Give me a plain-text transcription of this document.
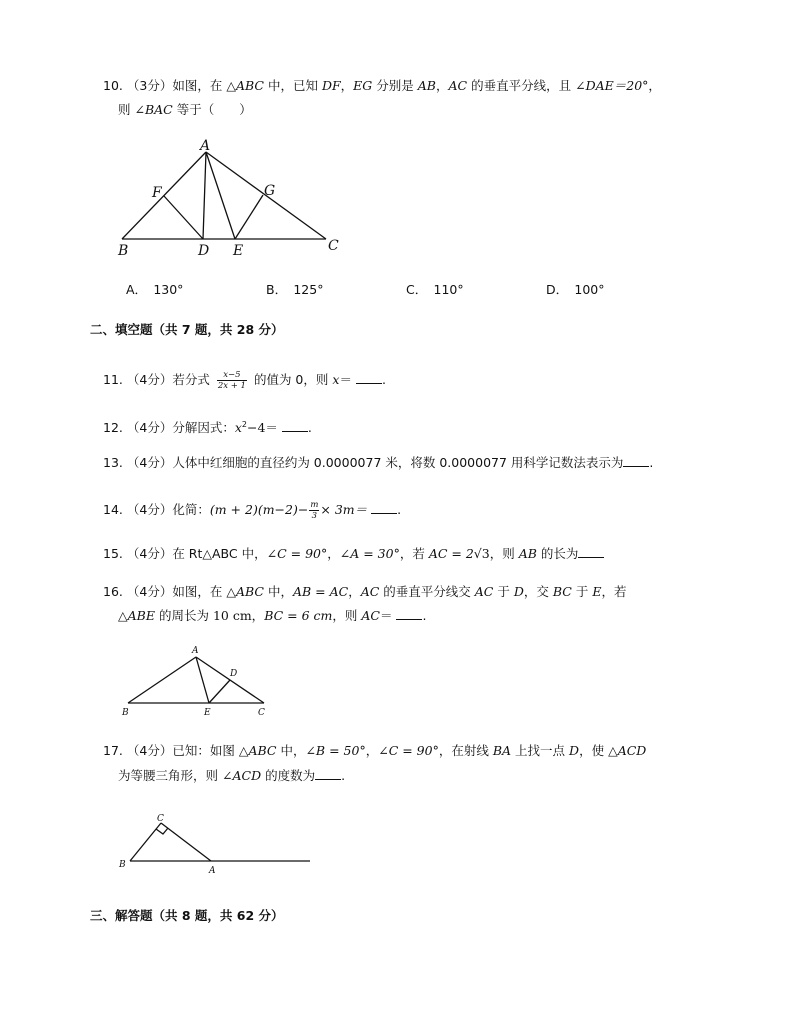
10. （3分）如图，在 △ABC 中，已知 DF，EG 分别是 AB，AC 的垂直平分线，且 ∠DAE＝20°，
则 ∠BAC 等于（　　）
A
B	C
D E
F	G
A．　 130°	B．　 125°	C．　 110°	D．　 100°
二、填空题（共 7 题，共 28 分）
11. （4分）若分式 $\frac{x-5}{2x + 1}$ 的值为 0，则 x＝ .
12. （4分）分解因式：$x^2-4=$ .
13. （4分）人体中红细胞的直径约为 0.0000077 米，将数 0.0000077 用科学记数法表示为 .
14. （4分）化简：$(m + 2)(m-2)- \frac{m}{3} \times 3m=$ .
15. （4分）在 Rt△ABC 中，∠C = 90°，∠A = 30°，若 AC = 2√3，则 AB 的长为
16. （4分）如图，在 △ABC 中，AB = AC，AC 的垂直平分线交 AC 于 D，交 BC 于 E，若
△ABE 的周长为 10 cm，BC = 6 cm，则 AC＝ .
A
B	C
D
E
17. （4分）已知：如图 △ABC 中，∠B = 50°，∠C = 90°，在射线 BA 上找一点 D，使 △ACD
为等腰三角形，则 ∠ACD 的度数为 .
C
B
A
三、解答题（共 8 题，共 62 分）
